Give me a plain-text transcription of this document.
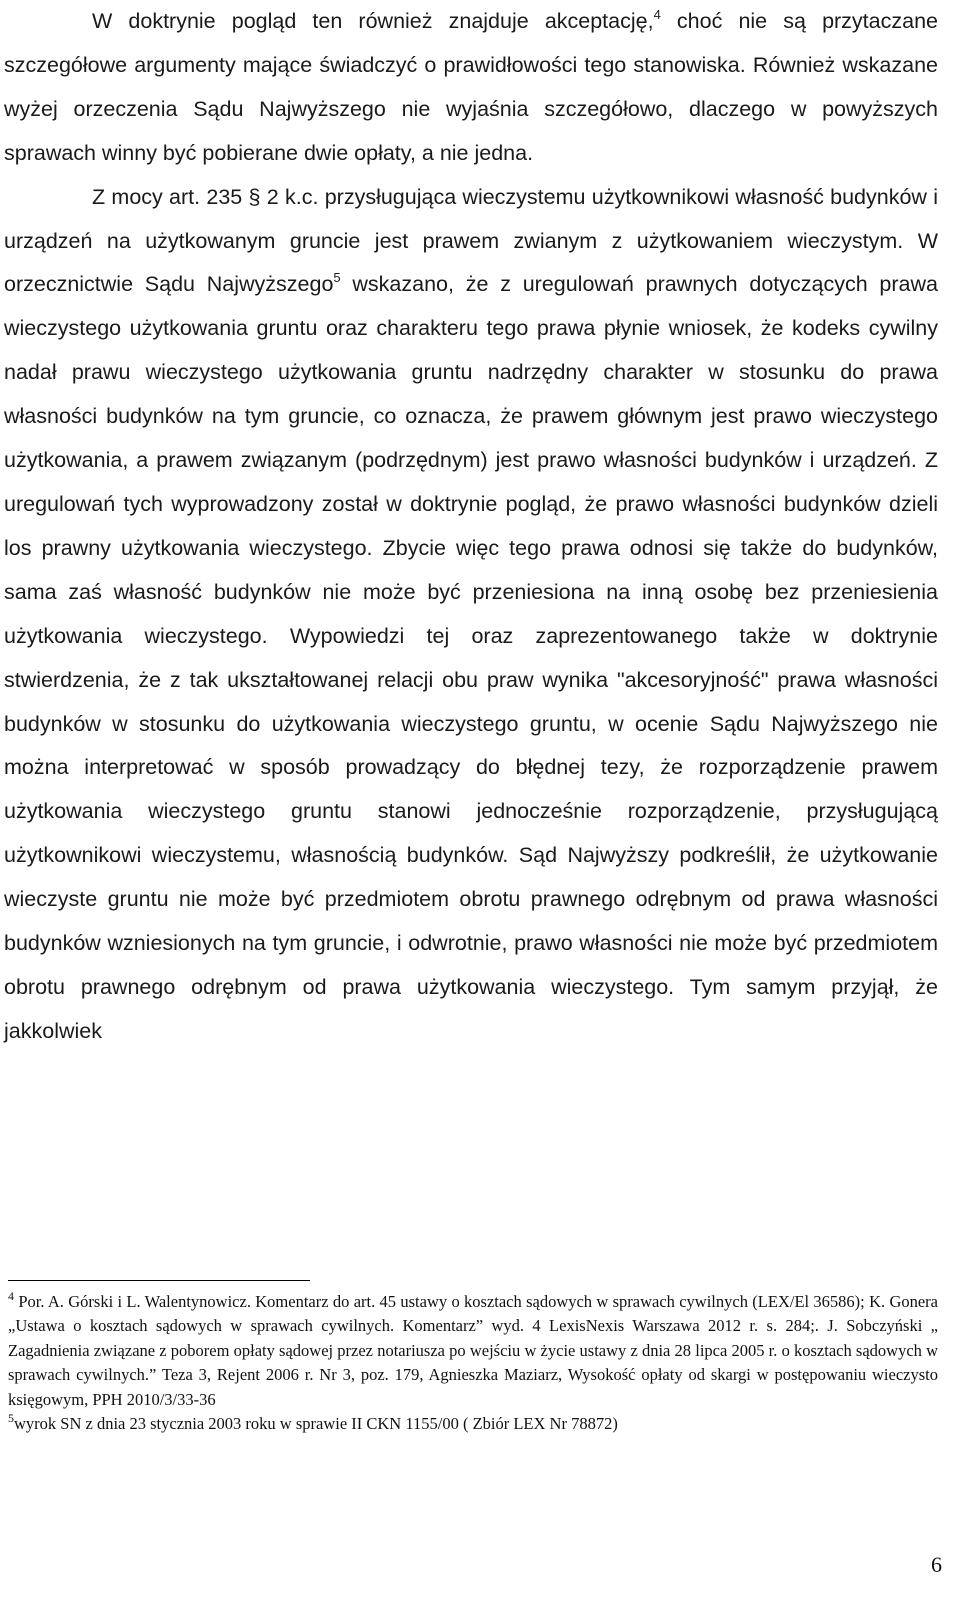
W doktrynie pogląd ten również znajduje akceptację,$^4$ choć nie są przytaczane szczegółowe argumenty mające świadczyć o prawidłowości tego stanowiska. Również wskazane wyżej orzeczenia Sądu Najwyższego nie wyjaśnia szczegółowo, dlaczego w powyższych sprawach winny być pobierane dwie opłaty, a nie jedna.

Z mocy art. 235 § 2 k.c. przysługująca wieczystemu użytkownikowi własność budynków i urządzeń na użytkowanym gruncie jest prawem zwianym z użytkowaniem wieczystym. W orzecznictwie Sądu Najwyższego$^5$ wskazano, że z uregulowań prawnych dotyczących prawa wieczystego użytkowania gruntu oraz charakteru tego prawa płynie wniosek, że kodeks cywilny nadał prawu wieczystego użytkowania gruntu nadrzędny charakter w stosunku do prawa własności budynków na tym gruncie, co oznacza, że prawem głównym jest prawo wieczystego użytkowania, a prawem związanym (podrzędnym) jest prawo własności budynków i urządzeń. Z uregulowań tych wyprowadzony został w doktrynie pogląd, że prawo własności budynków dzieli los prawny użytkowania wieczystego. Zbycie więc tego prawa odnosi się także do budynków, sama zaś własność budynków nie może być przeniesiona na inną osobę bez przeniesienia użytkowania wieczystego. Wypowiedzi tej oraz zaprezentowanego także w doktrynie stwierdzenia, że z tak ukształtowanej relacji obu praw wynika "akcesoryjność" prawa własności budynków w stosunku do użytkowania wieczystego gruntu, w ocenie Sądu Najwyższego nie można interpretować w sposób prowadzący do błędnej tezy, że rozporządzenie prawem użytkowania wieczystego gruntu stanowi jednocześnie rozporządzenie, przysługującą użytkownikowi wieczystemu, własnością budynków. Sąd Najwyższy podkreślił, że użytkowanie wieczyste gruntu nie może być przedmiotem obrotu prawnego odrębnym od prawa własności budynków wzniesionych na tym gruncie, i odwrotnie, prawo własności nie może być przedmiotem obrotu prawnego odrębnym od prawa użytkowania wieczystego. Tym samym przyjął, że jakkolwiek

$^4$ Por. A. Górski i L. Walentynowicz. Komentarz do art. 45 ustawy o kosztach sądowych w sprawach cywilnych (LEX/El 36586); K. Gonera „Ustawa o kosztach sądowych w sprawach cywilnych. Komentarz” wyd. 4 LexisNexis Warszawa 2012 r. s. 284;. J. Sobczyński „ Zagadnienia związane z poborem opłaty sądowej przez notariusza po wejściu w życie ustawy z dnia 28 lipca 2005 r. o kosztach sądowych w sprawach cywilnych.” Teza 3, Rejent 2006 r. Nr 3, poz. 179, Agnieszka Maziarz, Wysokość opłaty od skargi w postępowaniu wieczysto księgowym, PPH 2010/3/33-36

$^5$wyrok SN z dnia 23 stycznia 2003 roku w sprawie II CKN 1155/00 ( Zbiór LEX Nr 78872)

6
